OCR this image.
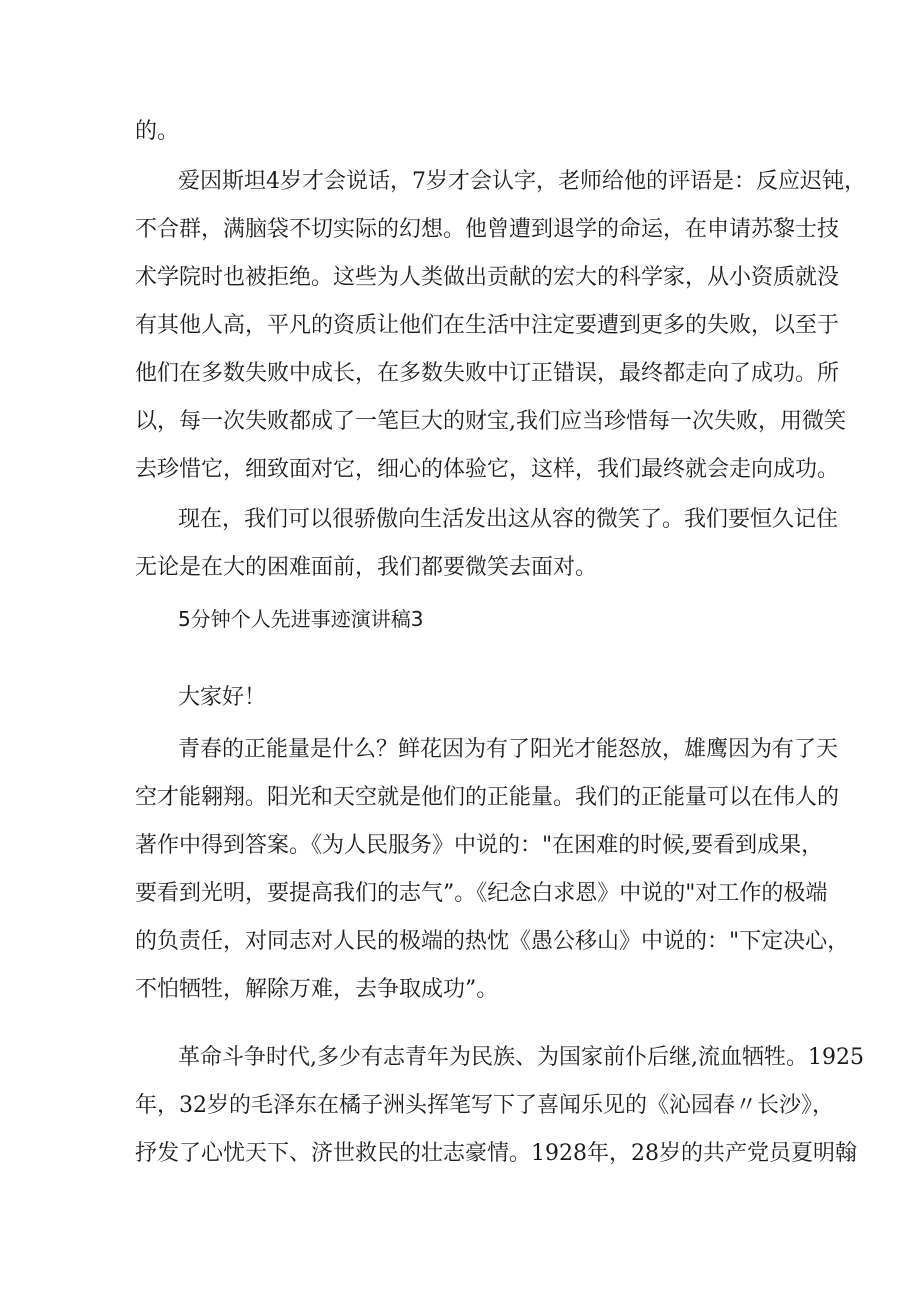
的。
爱因斯坦4岁才会说话，7岁才会认字，老师给他的评语是：反应迟钝，
不合群，满脑袋不切实际的幻想。他曾遭到退学的命运，在申请苏黎士技
术学院时也被拒绝。这些为人类做出贡献的宏大的科学家，从小资质就没
有其他人高，平凡的资质让他们在生活中注定要遭到更多的失败，以至于
他们在多数失败中成长，在多数失败中订正错误，最终都走向了成功。所
以，每一次失败都成了一笔巨大的财宝,我们应当珍惜每一次失败，用微笑
去珍惜它，细致面对它，细心的体验它，这样，我们最终就会走向成功。
现在，我们可以很骄傲向生活发出这从容的微笑了。我们要恒久记住
无论是在大的困难面前，我们都要微笑去面对。
5分钟个人先进事迹演讲稿3
大家好！
青春的正能量是什么？鲜花因为有了阳光才能怒放，雄鹰因为有了天
空才能翱翔。阳光和天空就是他们的正能量。我们的正能量可以在伟人的
著作中得到答案。《为人民服务》中说的："在困难的时候,要看到成果，
要看到光明，要提高我们的志气”。《纪念白求恩》中说的"对工作的极端
的负责任，对同志对人民的极端的热忱《愚公移山》中说的："下定决心，
不怕牺牲，解除万难，去争取成功”。
革命斗争时代,多少有志青年为民族、为国家前仆后继,流血牺牲。1925
年，32岁的毛泽东在橘子洲头挥笔写下了喜闻乐见的《沁园春〃长沙》，
抒发了心忧天下、济世救民的壮志豪情。1928年，28岁的共产党员夏明翰
